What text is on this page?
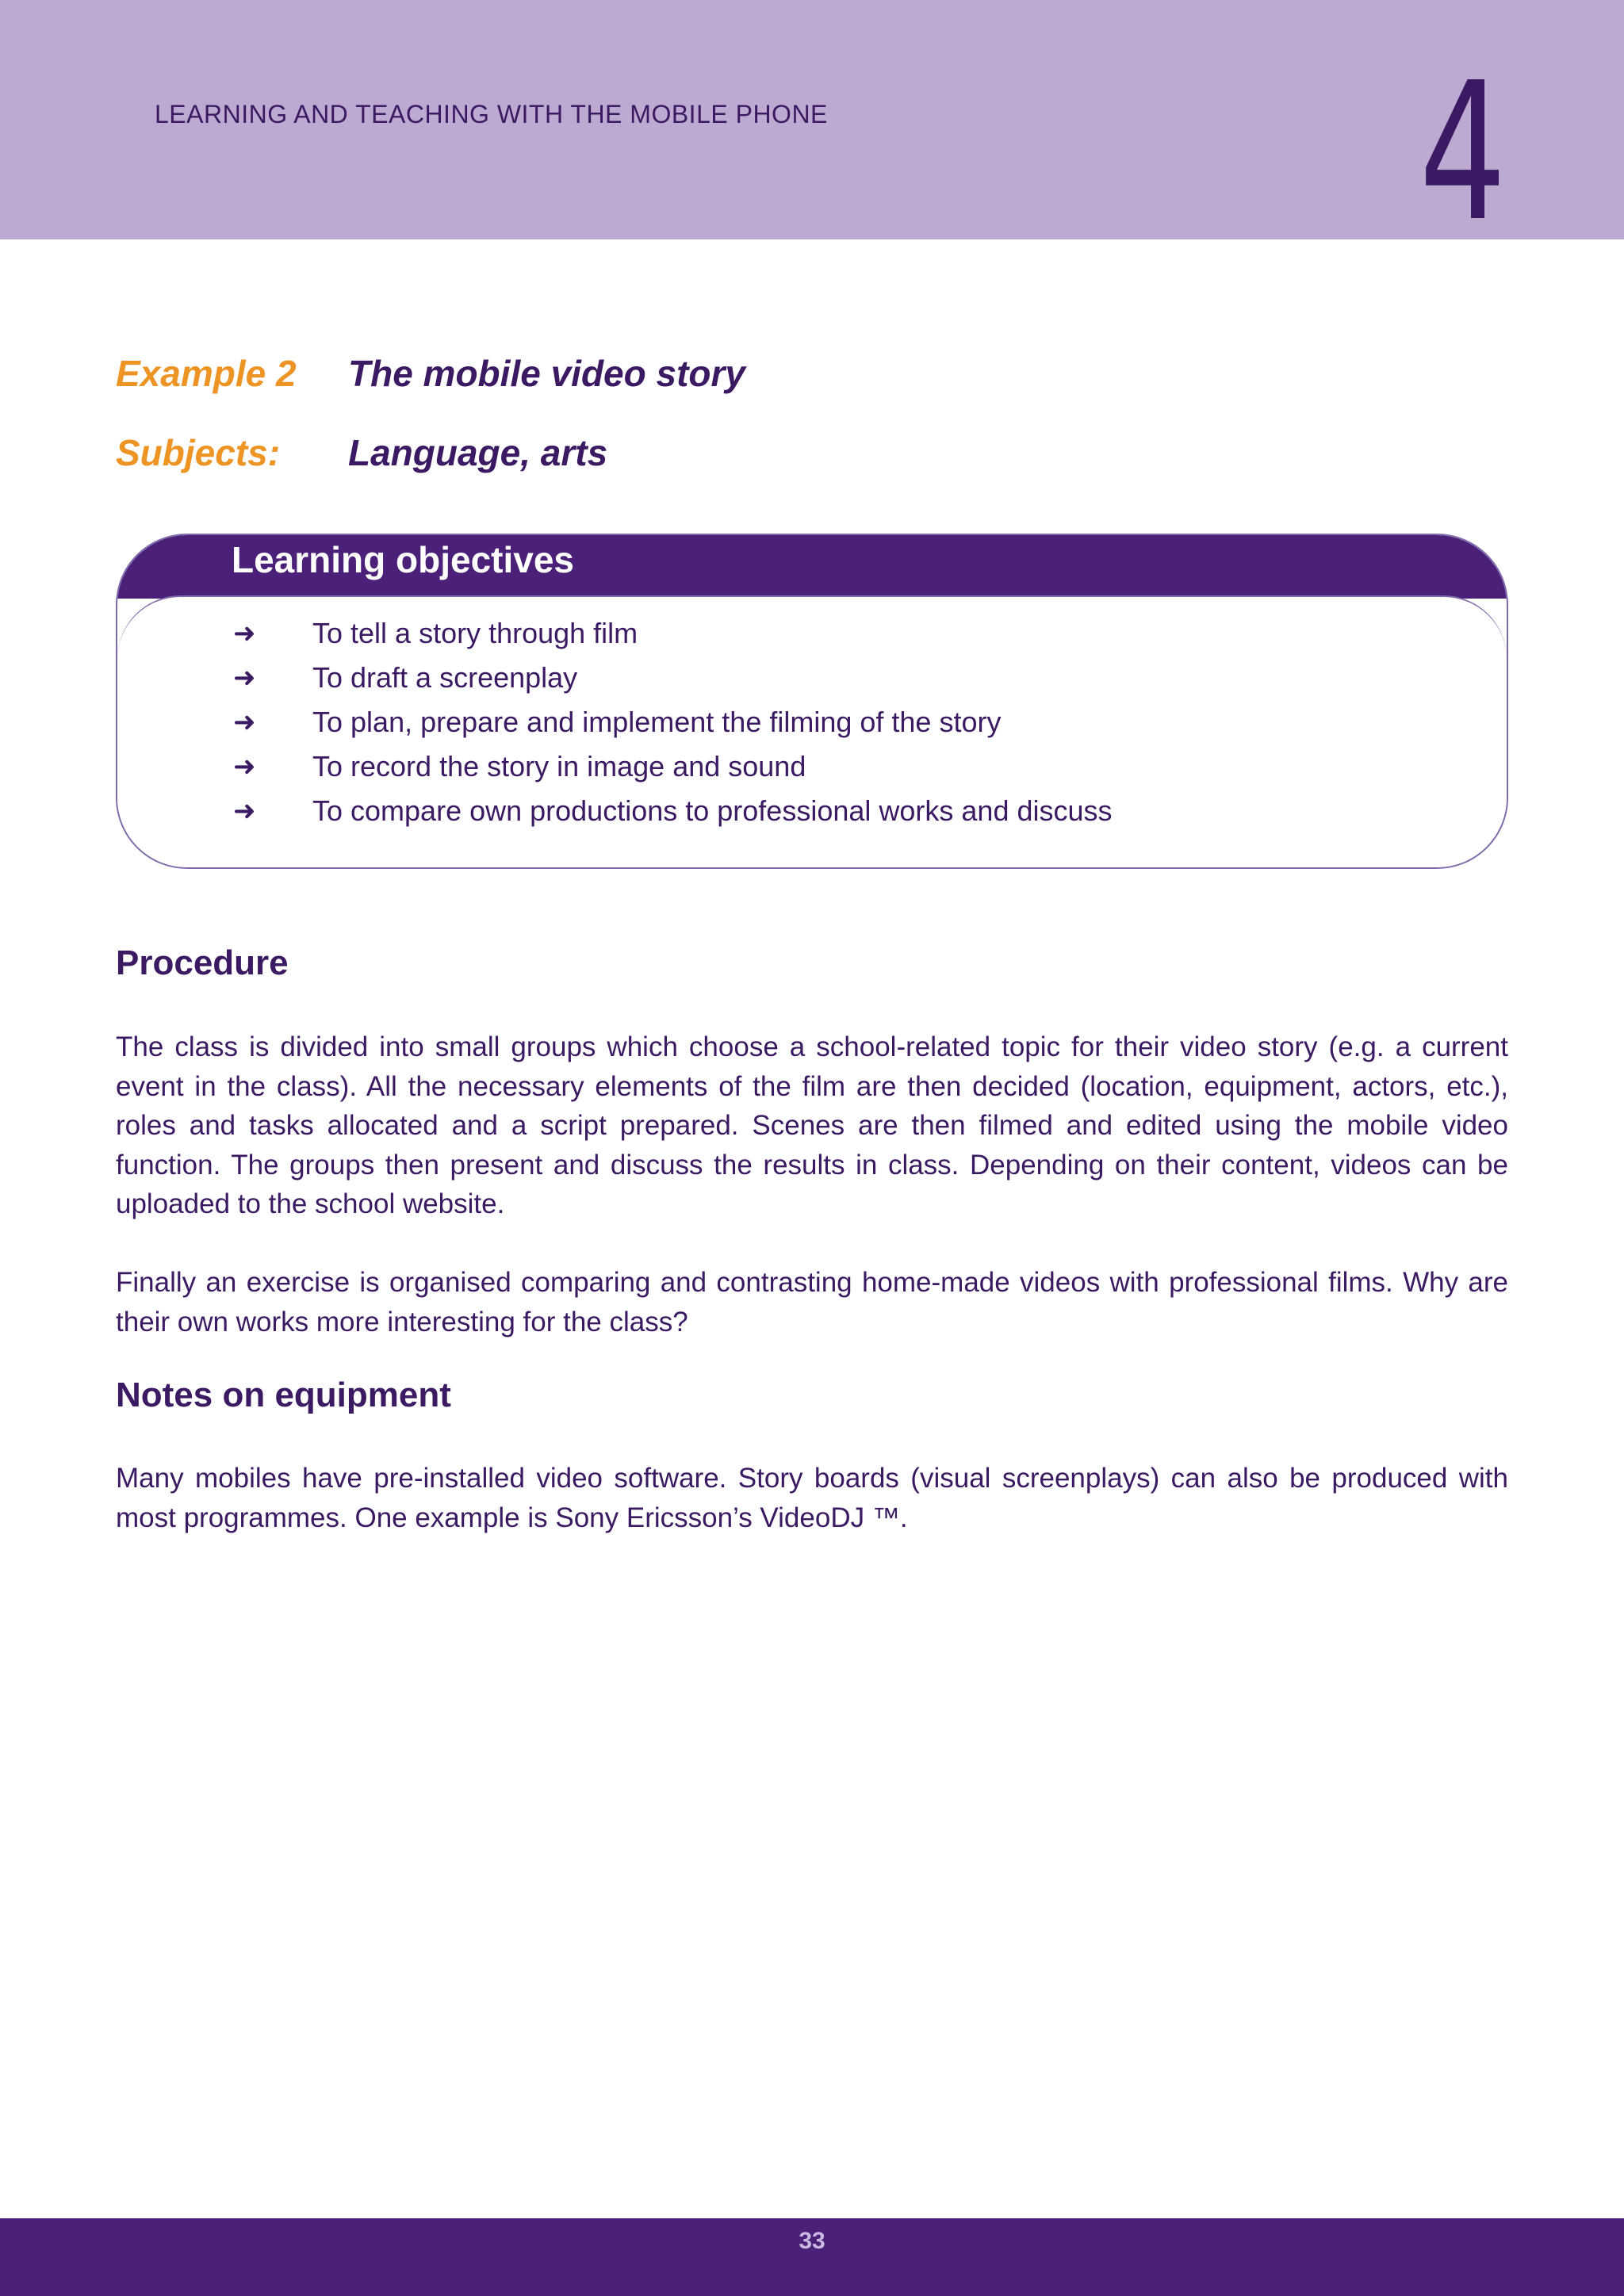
LEARNING AND TEACHING WITH THE MOBILE PHONE	4
Example 2	The mobile video story
Subjects:	Language, arts
Learning objectives
➜	To tell a story through film
➜	To draft a screenplay
➜	To plan, prepare and implement the filming of the story
➜	To record the story in image and sound
➜	To compare own productions to professional works and discuss
Procedure

The class is divided into small groups which choose a school-related topic for their video story (e.g. a current event in the class). All the necessary elements of the film are then decided (location, equipment, actors, etc.), roles and tasks allocated and a script prepared. Scenes are then filmed and edited using the mobile video function. The groups then present and discuss the results in class. Depending on their content, videos can be uploaded to the school website.

Finally an exercise is organised comparing and contrasting home-made videos with professional films. Why are their own works more interesting for the class?

Notes on equipment

Many mobiles have pre-installed video software. Story boards (visual screenplays) can also be produced with most programmes. One example is Sony Ericsson’s VideoDJ ™.

33
